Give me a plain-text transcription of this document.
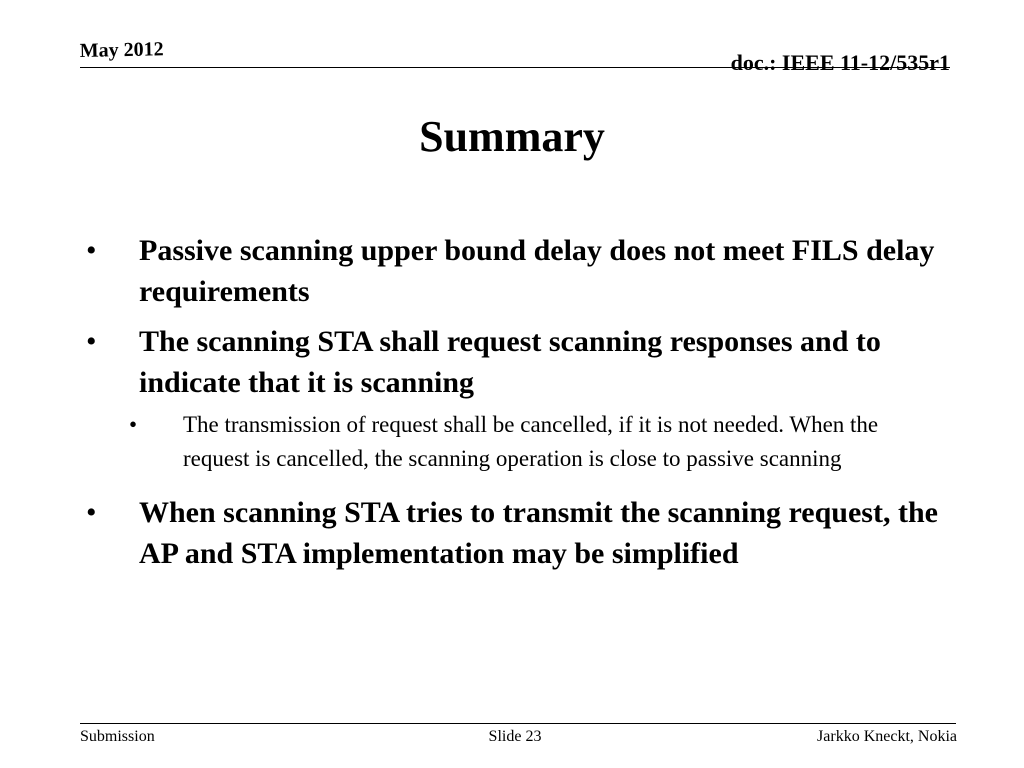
May 2012	doc.: IEEE 11-12/535r1
Summary
• Passive scanning upper bound delay does not meet FILS delay requirements
• The scanning STA shall request scanning responses and to indicate that it is scanning
• The transmission of request shall be cancelled, if it is not needed. When the request is cancelled, the scanning operation is close to passive scanning
• When scanning STA tries to transmit the scanning request, the AP and STA implementation may be simplified
Submission	Slide 23	Jarkko Kneckt, Nokia
